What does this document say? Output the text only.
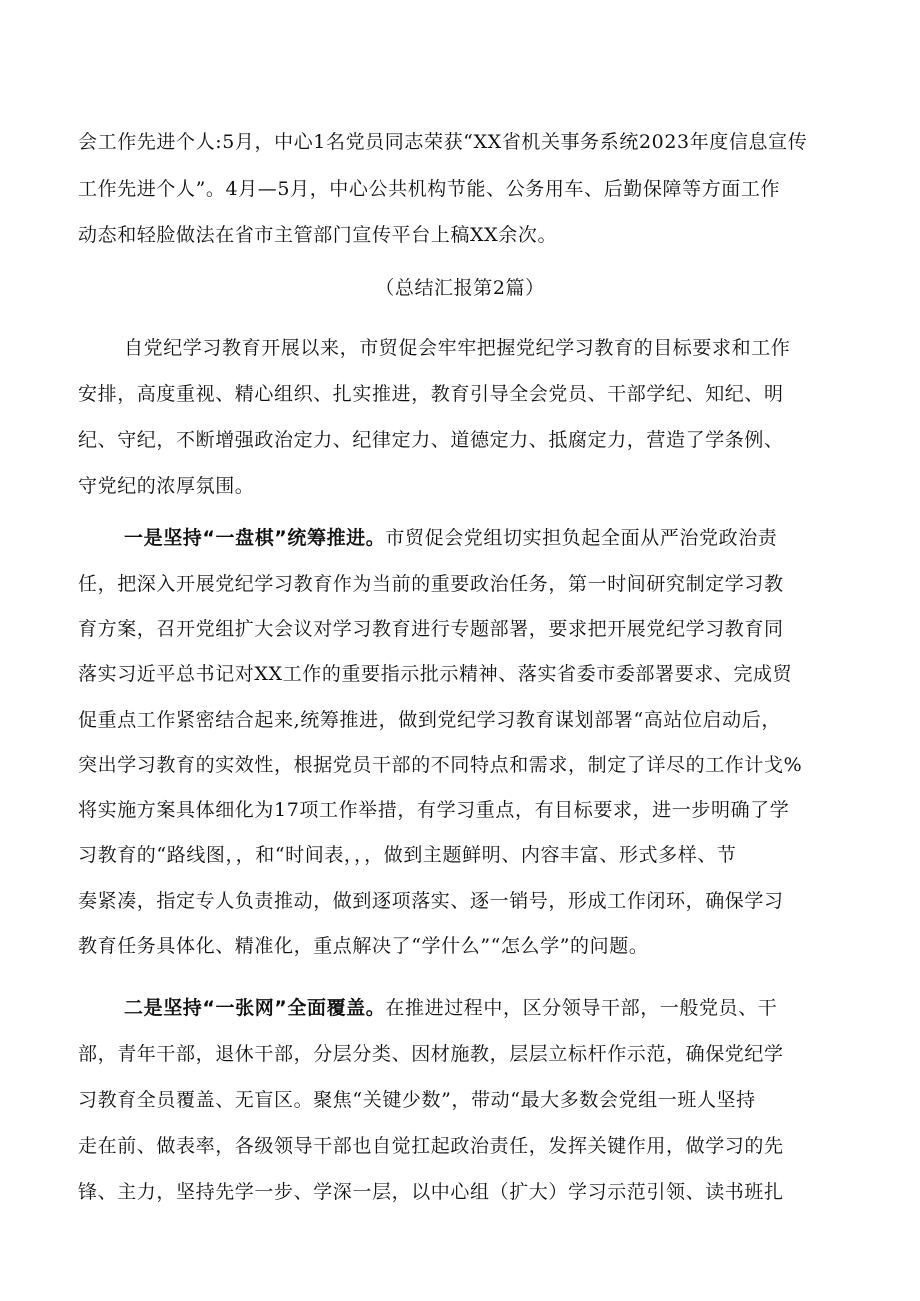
会工作先进个人:5月，中心1名党员同志荣获“XX省机关事务系统2023年度信息宣传
工作先进个人”。4月—5月，中心公共机构节能、公务用车、后勤保障等方面工作
动态和轻脸做法在省市主管部门宣传平台上稿XX余次。
（总结汇报第2篇）
自党纪学习教育开展以来，市贸促会牢牢把握党纪学习教育的目标要求和工作
安排，高度重视、精心组织、扎实推进，教育引导全会党员、干部学纪、知纪、明
纪、守纪，不断增强政治定力、纪律定力、道德定力、抵腐定力，营造了学条例、
守党纪的浓厚氛围。
一是坚持“一盘棋”统筹推进。市贸促会党组切实担负起全面从严治党政治责
任，把深入开展党纪学习教育作为当前的重要政治任务，第一时间研究制定学习教
育方案，召开党组扩大会议对学习教育进行专题部署，要求把开展党纪学习教育同
落实习近平总书记对XX工作的重要指示批示精神、落实省委市委部署要求、完成贸
促重点工作紧密结合起来,统筹推进，做到党纪学习教育谋划部署“高站位启动后，
突出学习教育的实效性，根据党员干部的不同特点和需求，制定了详尽的工作计戈%
将实施方案具体细化为17项工作举措，有学习重点，有目标要求，进一步明确了学
习教育的“路线图，，和“时间表，，，做到主题鲜明、内容丰富、形式多样、节
奏紧凑，指定专人负责推动，做到逐项落实、逐一销号，形成工作闭环，确保学习
教育任务具体化、精准化，重点解决了“学什么”“怎么学”的问题。
二是坚持“一张网”全面覆盖。在推进过程中，区分领导干部，一般党员、干
部，青年干部，退休干部，分层分类、因材施教，层层立标杆作示范，确保党纪学
习教育全员覆盖、无盲区。聚焦“关键少数”，带动“最大多数会党组一班人坚持
走在前、做表率，各级领导干部也自觉扛起政治责任，发挥关键作用，做学习的先
锋、主力，坚持先学一步、学深一层，以中心组（扩大）学习示范引领、读书班扎
